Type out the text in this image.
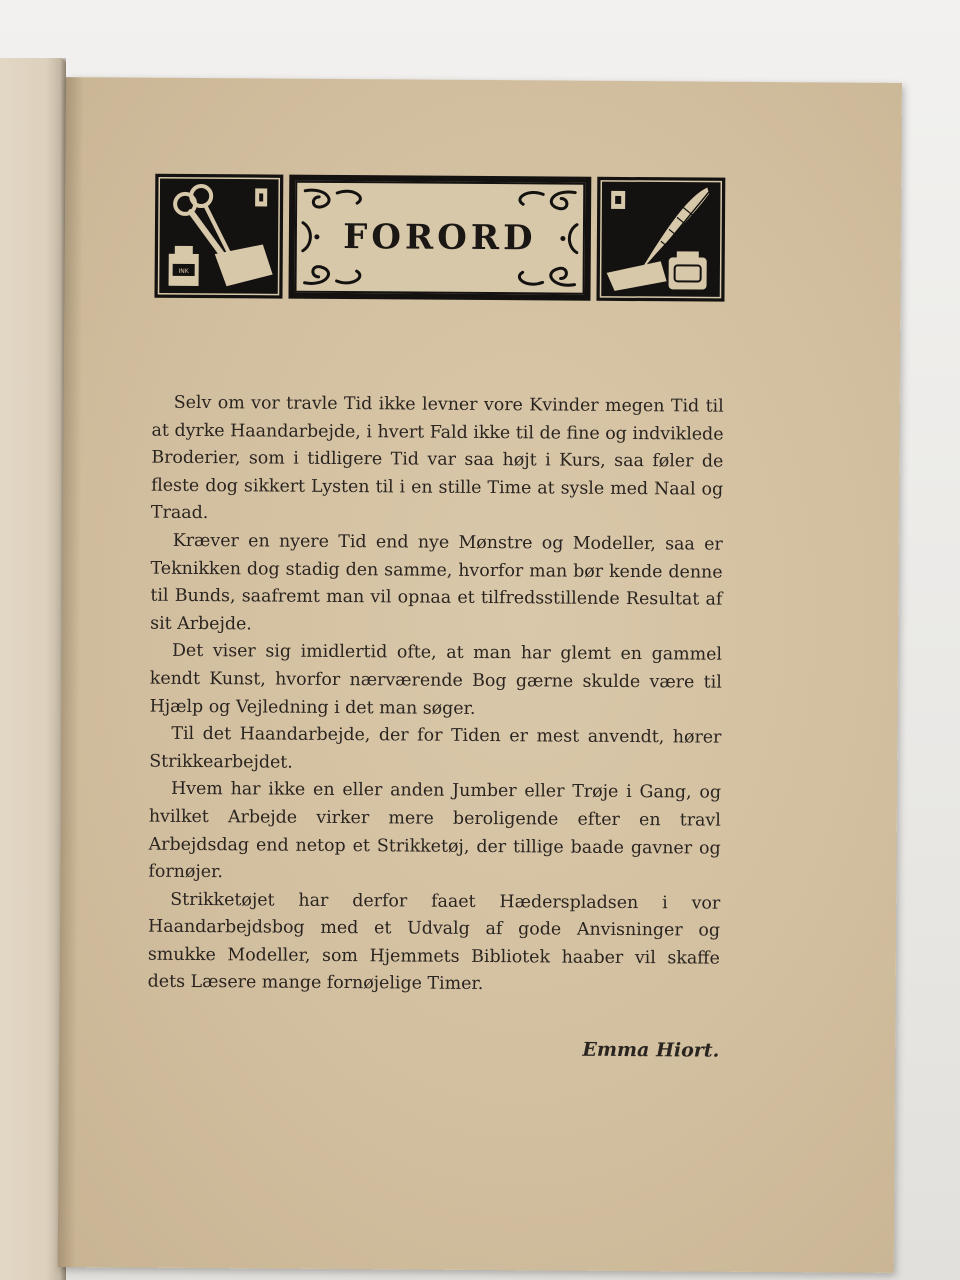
INK
FORORD

Selv om vor travle Tid ikke levner vore Kvinder megen Tid til at dyrke Haandarbejde, i hvert Fald ikke til de fine og indviklede Broderier, som i tidligere Tid var saa højt i Kurs, saa føler de fleste dog sikkert Lysten til i en stille Time at sysle med Naal og Traad.

Kræver en nyere Tid end nye Mønstre og Modeller, saa er Teknikken dog stadig den samme, hvorfor man bør kende denne til Bunds, saafremt man vil opnaa et tilfredsstillende Resultat af sit Arbejde.

Det viser sig imidlertid ofte, at man har glemt en gammel kendt Kunst, hvorfor nærværende Bog gærne skulde være til Hjælp og Vejledning i det man søger.

Til det Haandarbejde, der for Tiden er mest anvendt, hører Strikkearbejdet.

Hvem har ikke en eller anden Jumber eller Trøje i Gang, og hvilket Arbejde virker mere beroligende efter en travl Arbejdsdag end netop et Strikketøj, der tillige baade gavner og fornøjer.

Strikketøjet har derfor faaet Hæderspladsen i vor Haandarbejdsbog med et Udvalg af gode Anvisninger og smukke Modeller, som Hjemmets Bibliotek haaber vil skaffe dets Læsere mange fornøjelige Timer.

Emma Hiort.
